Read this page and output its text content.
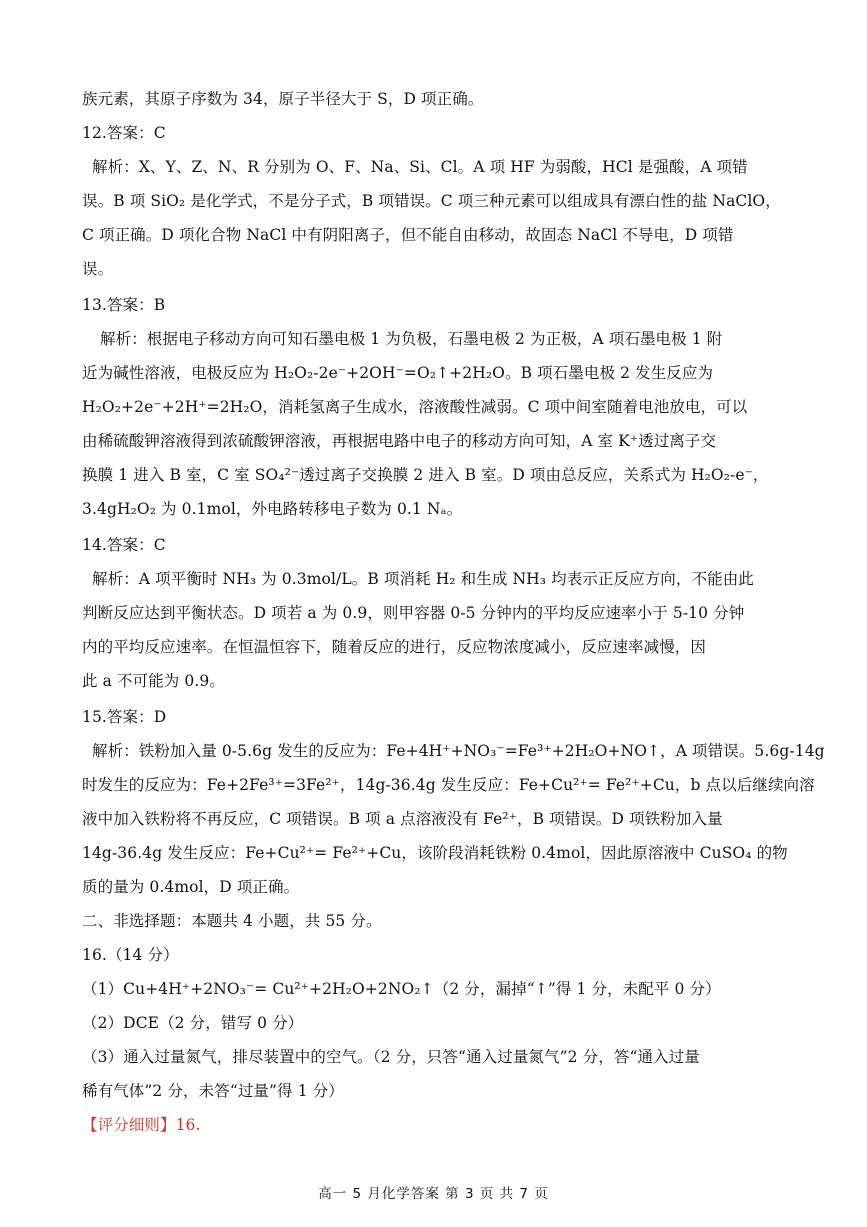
族元素，其原子序数为 34，原子半径大于 S，D 项正确。
12.答案：C
解析：X、Y、Z、N、R 分别为 O、F、Na、Si、Cl。A 项 HF 为弱酸，HCl 是强酸，A 项错
误。B 项 SiO₂ 是化学式，不是分子式，B 项错误。C 项三种元素可以组成具有漂白性的盐 NaClO，
C 项正确。D 项化合物 NaCl 中有阴阳离子，但不能自由移动，故固态 NaCl 不导电，D 项错
误。
13.答案：B
解析：根据电子移动方向可知石墨电极 1 为负极，石墨电极 2 为正极，A 项石墨电极 1 附
近为碱性溶液，电极反应为 H₂O₂-2e⁻+2OH⁻=O₂↑+2H₂O。B 项石墨电极 2 发生反应为
H₂O₂+2e⁻+2H⁺=2H₂O，消耗氢离子生成水，溶液酸性减弱。C 项中间室随着电池放电，可以
由稀硫酸钾溶液得到浓硫酸钾溶液，再根据电路中电子的移动方向可知，A 室 K⁺透过离子交
换膜 1 进入 B 室，C 室 SO₄²⁻透过离子交换膜 2 进入 B 室。D 项由总反应，关系式为 H₂O₂-e⁻，
3.4gH₂O₂ 为 0.1mol，外电路转移电子数为 0.1 Nₐ。
14.答案：C
解析：A 项平衡时 NH₃ 为 0.3mol/L。B 项消耗 H₂ 和生成 NH₃ 均表示正反应方向，不能由此
判断反应达到平衡状态。D 项若 a 为 0.9，则甲容器 0-5 分钟内的平均反应速率小于 5-10 分钟
内的平均反应速率。在恒温恒容下，随着反应的进行，反应物浓度减小，反应速率减慢，因
此 a 不可能为 0.9。
15.答案：D
解析：铁粉加入量 0-5.6g 发生的反应为：Fe+4H⁺+NO₃⁻=Fe³⁺+2H₂O+NO↑，A 项错误。5.6g-14g
时发生的反应为：Fe+2Fe³⁺=3Fe²⁺，14g-36.4g 发生反应：Fe+Cu²⁺= Fe²⁺+Cu，b 点以后继续向溶
液中加入铁粉将不再反应，C 项错误。B 项 a 点溶液没有 Fe²⁺，B 项错误。D 项铁粉加入量
14g-36.4g 发生反应：Fe+Cu²⁺= Fe²⁺+Cu，该阶段消耗铁粉 0.4mol，因此原溶液中 CuSO₄ 的物
质的量为 0.4mol，D 项正确。
二、非选择题：本题共 4 小题，共 55 分。
16.（14 分）
（1）Cu+4H⁺+2NO₃⁻= Cu²⁺+2H₂O+2NO₂↑（2 分，漏掉“↑”得 1 分，未配平 0 分）
（2）DCE（2 分，错写 0 分）
（3）通入过量氮气，排尽装置中的空气。（2 分，只答“通入过量氮气”2 分，答“通入过量
稀有气体”2 分，未答“过量”得 1 分）
【评分细则】16.
高一 5 月化学答案 第 3 页 共 7 页
